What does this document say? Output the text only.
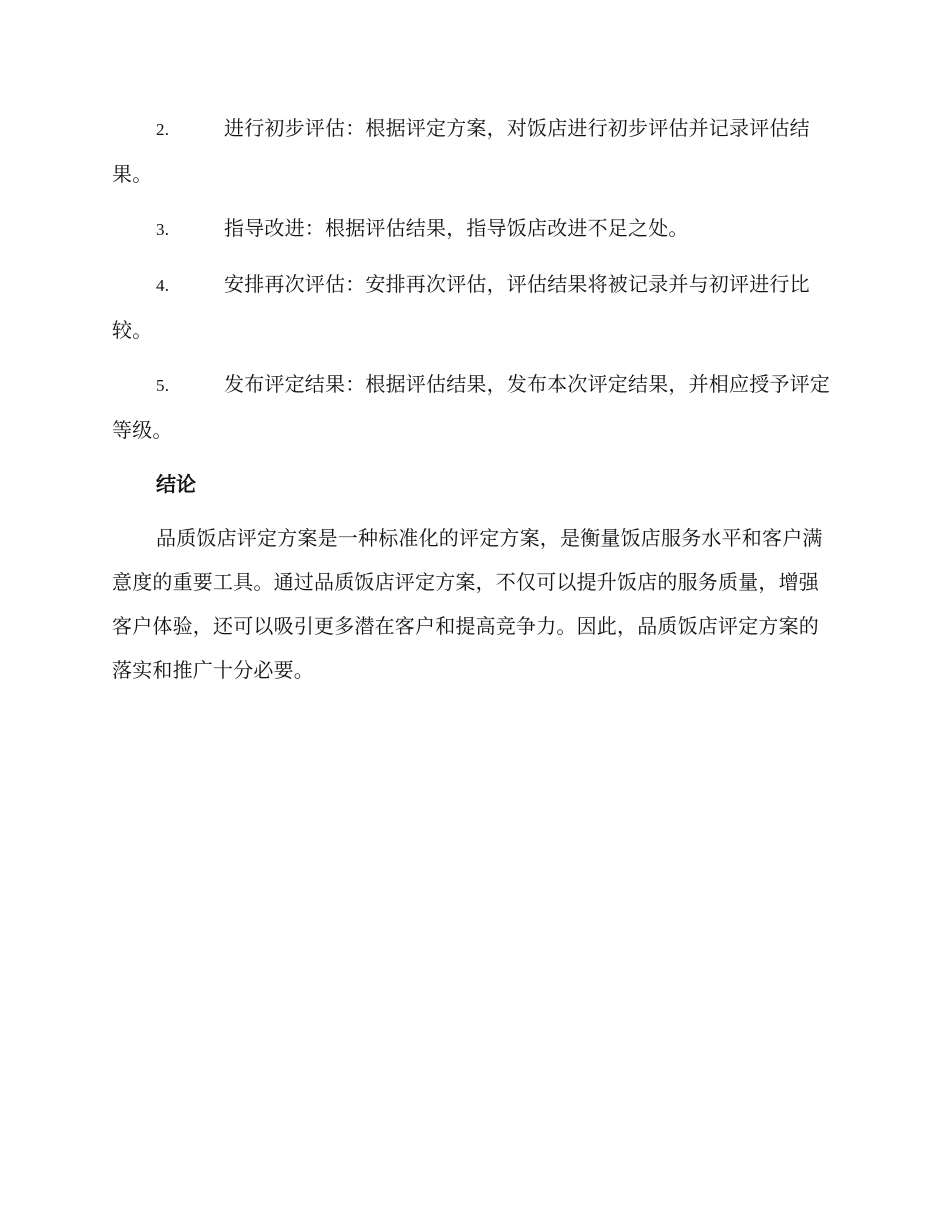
2.	进行初步评估：根据评定方案，对饭店进行初步评估并记录评估结果。
3.	指导改进：根据评估结果，指导饭店改进不足之处。
4.	安排再次评估：安排再次评估，评估结果将被记录并与初评进行比较。
5.	发布评定结果：根据评估结果，发布本次评定结果，并相应授予评定等级。
结论

品质饭店评定方案是一种标准化的评定方案，是衡量饭店服务水平和客户满意度的重要工具。通过品质饭店评定方案，不仅可以提升饭店的服务质量，增强客户体验，还可以吸引更多潜在客户和提高竞争力。因此，品质饭店评定方案的落实和推广十分必要。
